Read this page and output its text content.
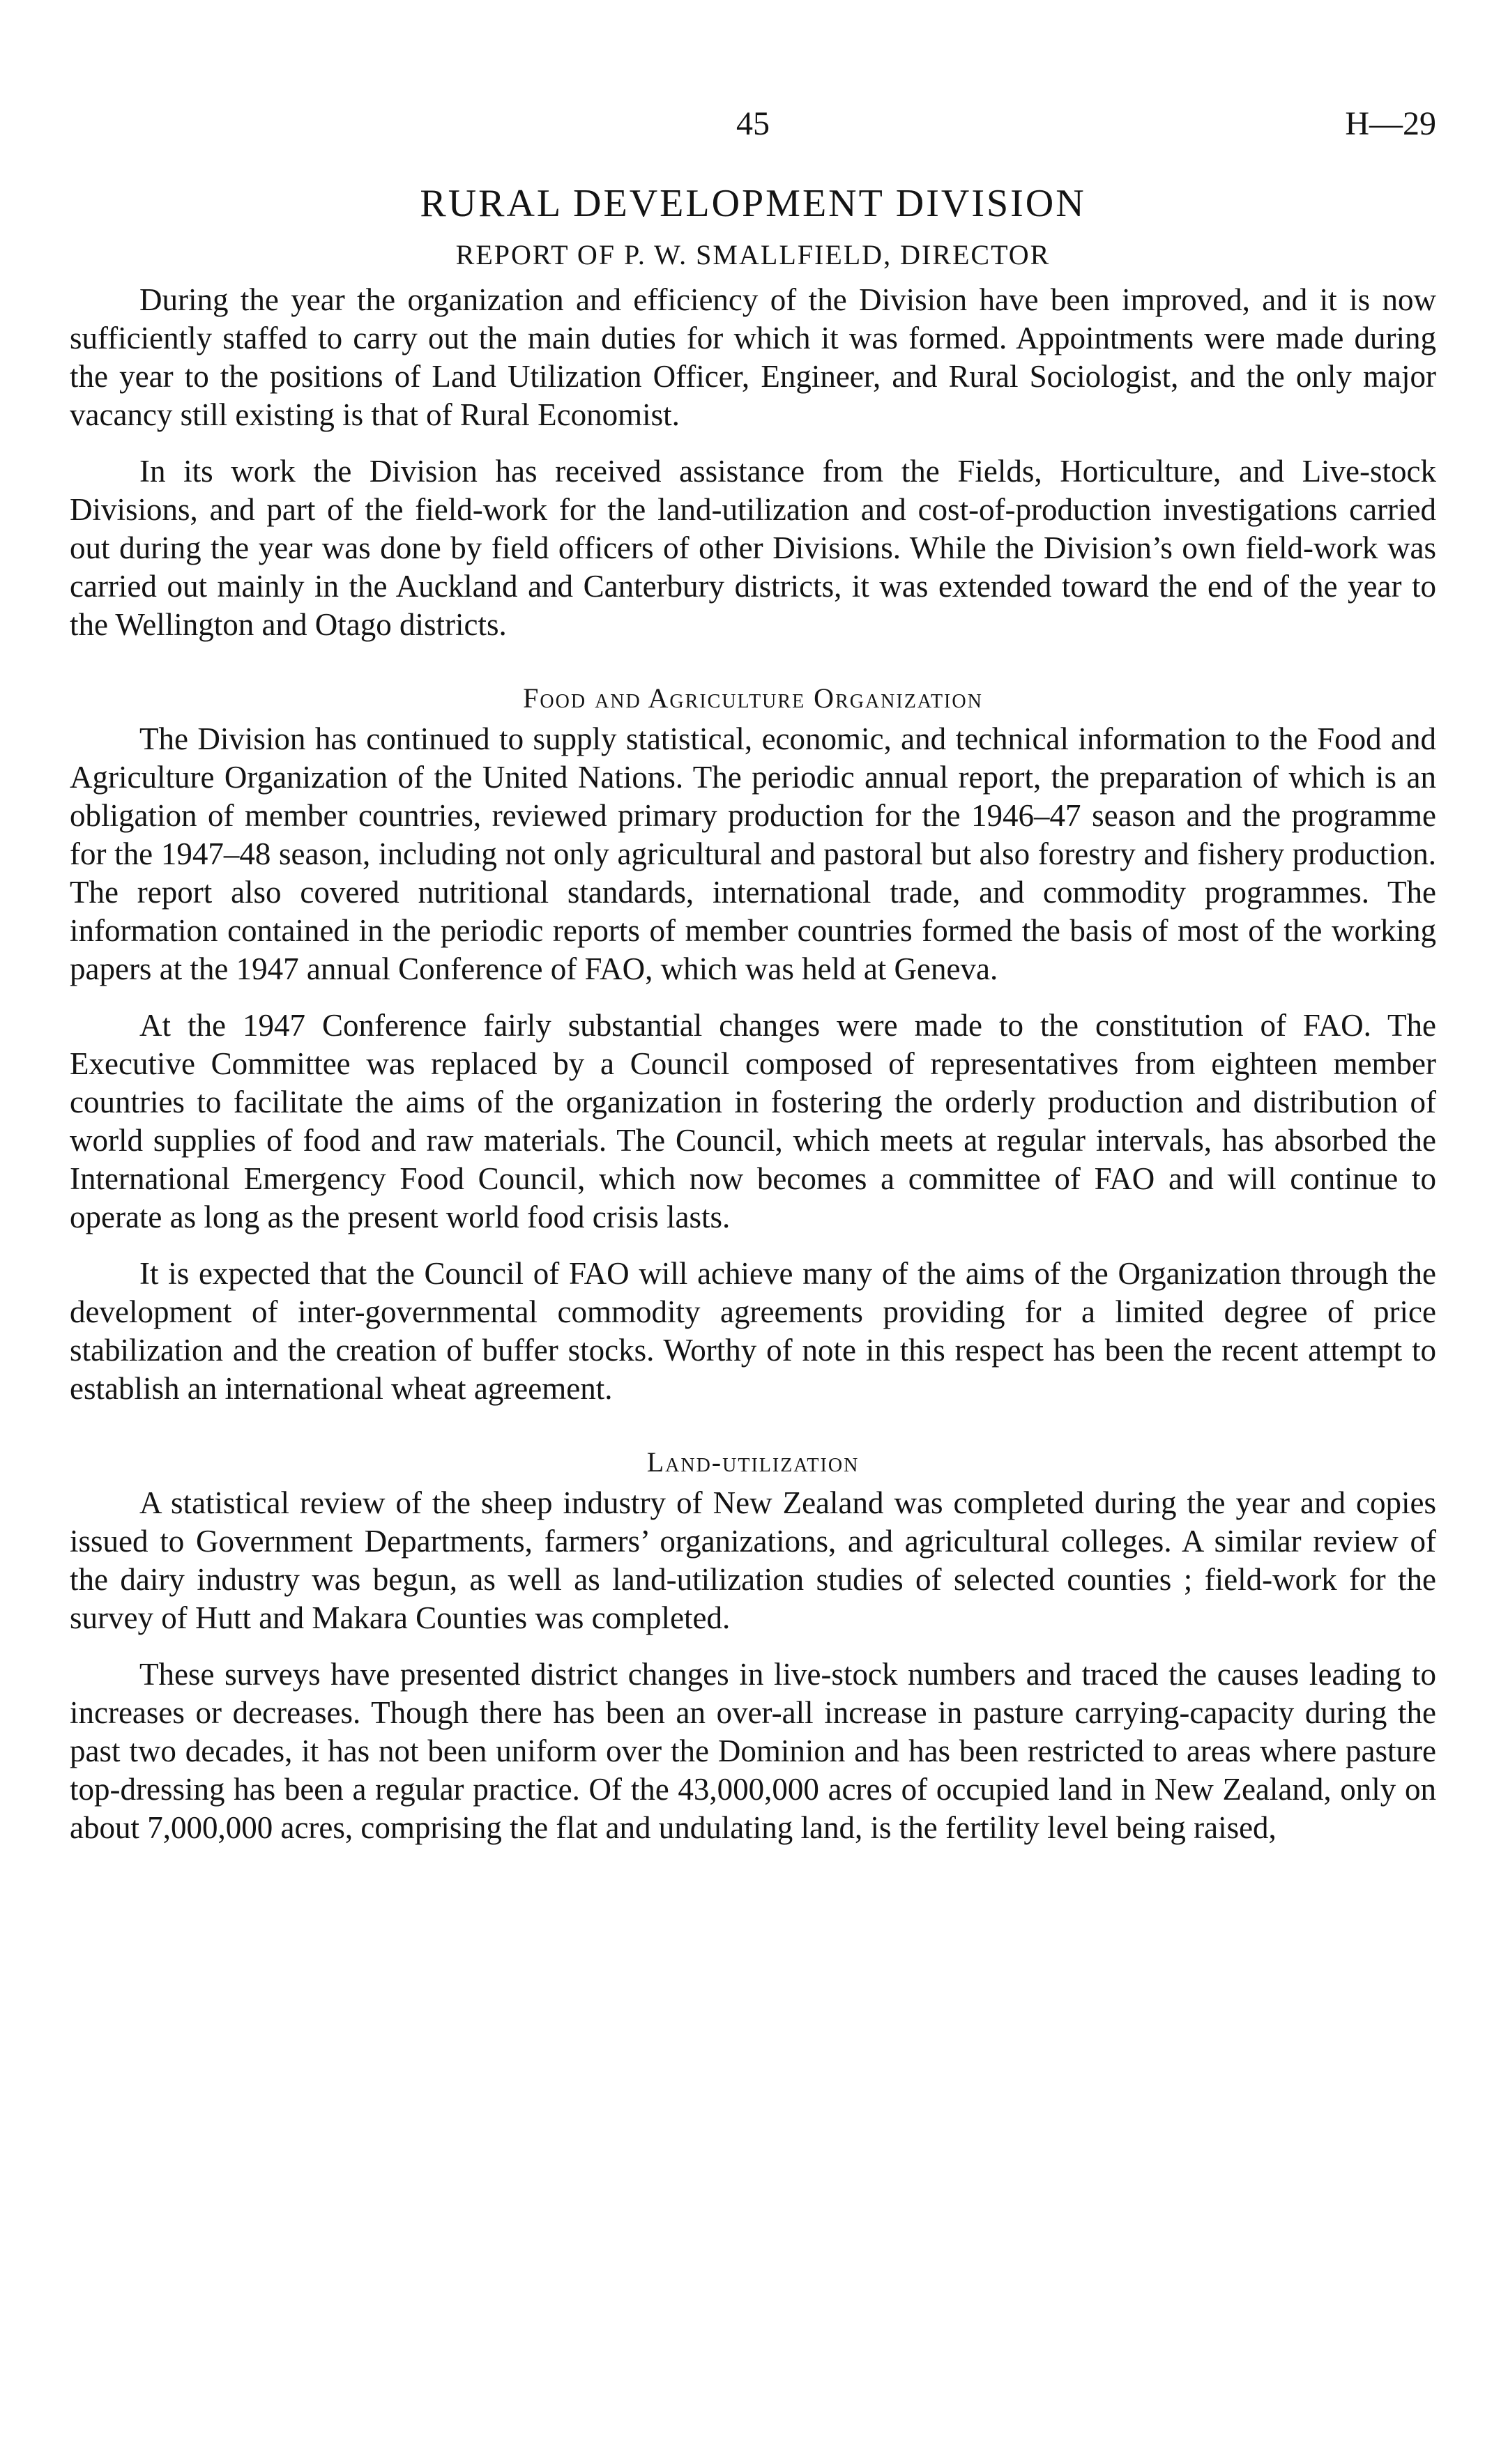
45	H—29
RURAL DEVELOPMENT DIVISION
REPORT OF P. W. SMALLFIELD, DIRECTOR

During the year the organization and efficiency of the Division have been improved, and it is now sufficiently staffed to carry out the main duties for which it was formed. Appointments were made during the year to the positions of Land Utilization Officer, Engineer, and Rural Sociologist, and the only major vacancy still existing is that of Rural Economist.

In its work the Division has received assistance from the Fields, Horticulture, and Live-stock Divisions, and part of the field-work for the land-utilization and cost-of-production investigations carried out during the year was done by field officers of other Divisions. While the Division’s own field-work was carried out mainly in the Auckland and Canterbury districts, it was extended toward the end of the year to the Wellington and Otago districts.

Food and Agriculture Organization

The Division has continued to supply statistical, economic, and technical information to the Food and Agriculture Organization of the United Nations. The periodic annual report, the preparation of which is an obligation of member countries, reviewed primary production for the 1946–47 season and the programme for the 1947–48 season, including not only agricultural and pastoral but also forestry and fishery production. The report also covered nutritional standards, international trade, and commodity programmes. The information contained in the periodic reports of member countries formed the basis of most of the working papers at the 1947 annual Conference of FAO, which was held at Geneva.

At the 1947 Conference fairly substantial changes were made to the constitution of FAO. The Executive Committee was replaced by a Council composed of representatives from eighteen member countries to facilitate the aims of the organization in fostering the orderly production and distribution of world supplies of food and raw materials. The Council, which meets at regular intervals, has absorbed the International Emergency Food Council, which now becomes a committee of FAO and will continue to operate as long as the present world food crisis lasts.

It is expected that the Council of FAO will achieve many of the aims of the Organization through the development of inter-governmental commodity agreements providing for a limited degree of price stabilization and the creation of buffer stocks. Worthy of note in this respect has been the recent attempt to establish an international wheat agreement.

Land-utilization

A statistical review of the sheep industry of New Zealand was completed during the year and copies issued to Government Departments, farmers’ organizations, and agricultural colleges. A similar review of the dairy industry was begun, as well as land-utilization studies of selected counties ; field-work for the survey of Hutt and Makara Counties was completed.

These surveys have presented district changes in live-stock numbers and traced the causes leading to increases or decreases. Though there has been an over-all increase in pasture carrying-capacity during the past two decades, it has not been uniform over the Dominion and has been restricted to areas where pasture top-dressing has been a regular practice. Of the 43,000,000 acres of occupied land in New Zealand, only on about 7,000,000 acres, comprising the flat and undulating land, is the fertility level being raised,
